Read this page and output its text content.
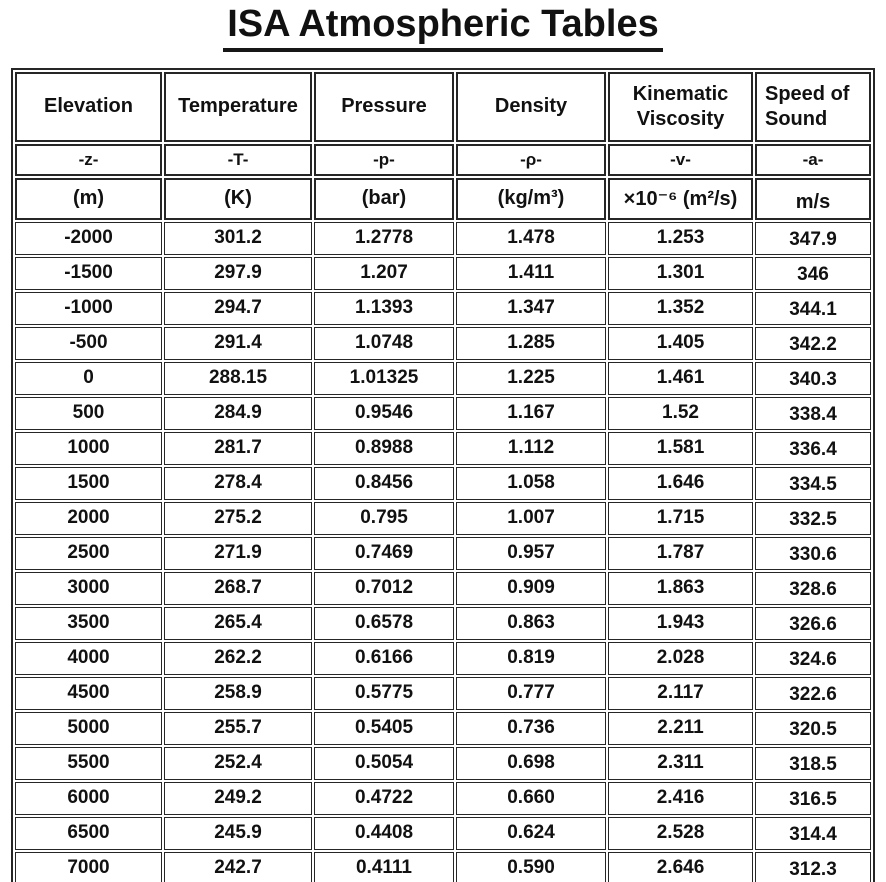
ISA Atmospheric Tables
Elevation	Temperature	Pressure	Density	Kinematic Viscosity	Speed of Sound
-z-	-T-	-p-	-ρ-	-v-	-a-
(m)	(K)	(bar)	(kg/m³)	×10⁻⁶ (m²/s)	m/s
-2000	301.2	1.2778	1.478	1.253	347.9
-1500	297.9	1.207	1.411	1.301	346
-1000	294.7	1.1393	1.347	1.352	344.1
-500	291.4	1.0748	1.285	1.405	342.2
0	288.15	1.01325	1.225	1.461	340.3
500	284.9	0.9546	1.167	1.52	338.4
1000	281.7	0.8988	1.112	1.581	336.4
1500	278.4	0.8456	1.058	1.646	334.5
2000	275.2	0.795	1.007	1.715	332.5
2500	271.9	0.7469	0.957	1.787	330.6
3000	268.7	0.7012	0.909	1.863	328.6
3500	265.4	0.6578	0.863	1.943	326.6
4000	262.2	0.6166	0.819	2.028	324.6
4500	258.9	0.5775	0.777	2.117	322.6
5000	255.7	0.5405	0.736	2.211	320.5
5500	252.4	0.5054	0.698	2.311	318.5
6000	249.2	0.4722	0.660	2.416	316.5
6500	245.9	0.4408	0.624	2.528	314.4
7000	242.7	0.4111	0.590	2.646	312.3
